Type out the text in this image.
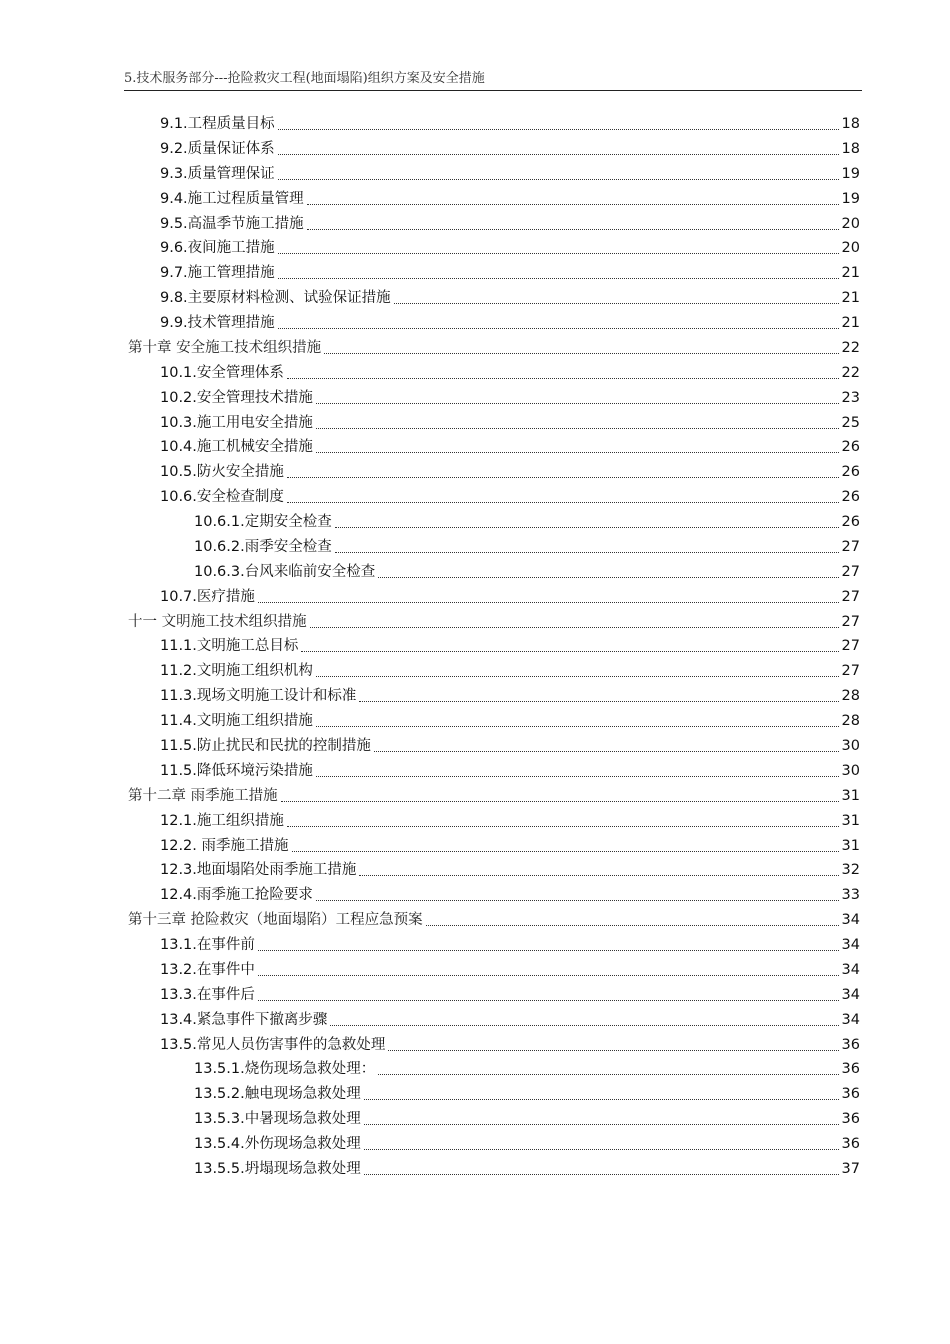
5.技术服务部分---抢险救灾工程(地面塌陷)组织方案及安全措施
9.1.工程质量目标	18
9.2.质量保证体系	18
9.3.质量管理保证	19
9.4.施工过程质量管理	19
9.5.高温季节施工措施	20
9.6.夜间施工措施	20
9.7.施工管理措施	21
9.8.主要原材料检测、试验保证措施	21
9.9.技术管理措施	21
第十章 安全施工技术组织措施	22
10.1.安全管理体系	22
10.2.安全管理技术措施	23
10.3.施工用电安全措施	25
10.4.施工机械安全措施	26
10.5.防火安全措施	26
10.6.安全检查制度	26
10.6.1.定期安全检查	26
10.6.2.雨季安全检查	27
10.6.3.台风来临前安全检查	27
10.7.医疗措施	27
十一 文明施工技术组织措施	27
11.1.文明施工总目标	27
11.2.文明施工组织机构	27
11.3.现场文明施工设计和标准	28
11.4.文明施工组织措施	28
11.5.防止扰民和民扰的控制措施	30
11.5.降低环境污染措施	30
第十二章 雨季施工措施	31
12.1.施工组织措施	31
12.2. 雨季施工措施	31
12.3.地面塌陷处雨季施工措施	32
12.4.雨季施工抢险要求	33
第十三章 抢险救灾（地面塌陷）工程应急预案	34
13.1.在事件前	34
13.2.在事件中	34
13.3.在事件后	34
13.4.紧急事件下撤离步骤	34
13.5.常见人员伤害事件的急救处理	36
13.5.1.烧伤现场急救处理：	36
13.5.2.触电现场急救处理	36
13.5.3.中暑现场急救处理	36
13.5.4.外伤现场急救处理	36
13.5.5.坍塌现场急救处理	37
